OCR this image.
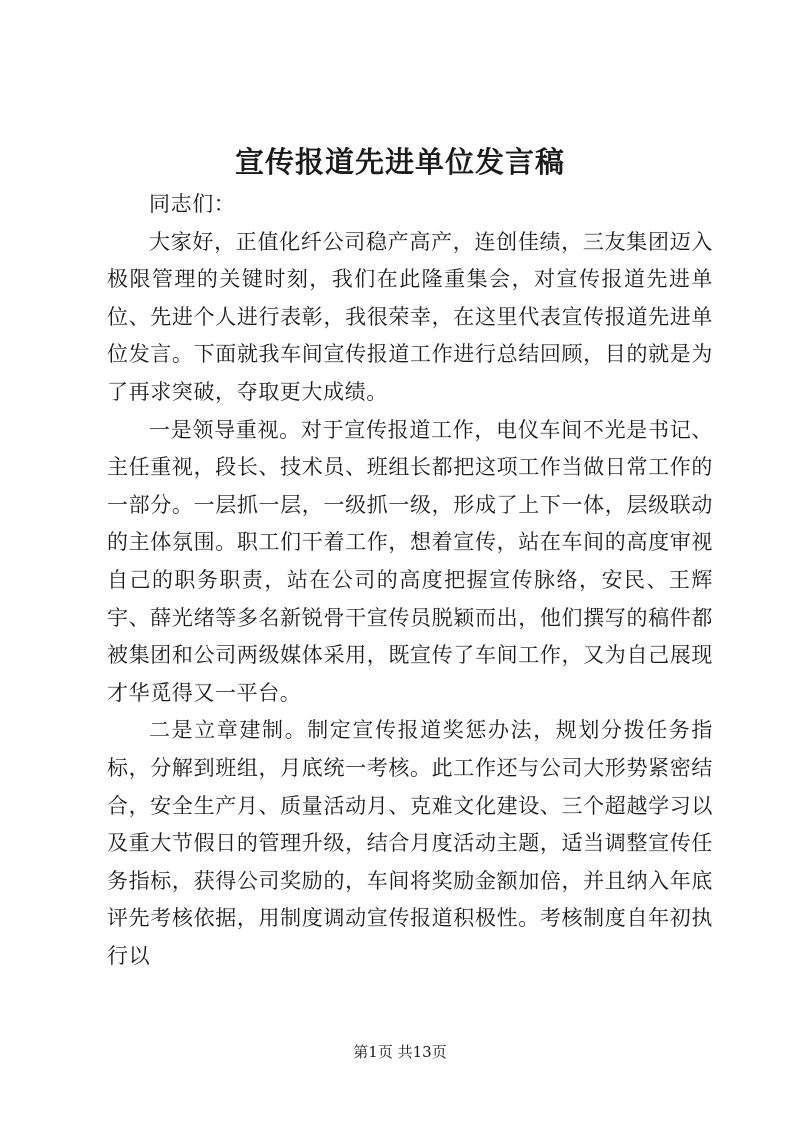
宣传报道先进单位发言稿

同志们：

大家好，正值化纤公司稳产高产，连创佳绩，三友集团迈入极限管理的关键时刻，我们在此隆重集会，对宣传报道先进单位、先进个人进行表彰，我很荣幸，在这里代表宣传报道先进单位发言。下面就我车间宣传报道工作进行总结回顾，目的就是为了再求突破，夺取更大成绩。

一是领导重视。对于宣传报道工作，电仪车间不光是书记、主任重视，段长、技术员、班组长都把这项工作当做日常工作的一部分。一层抓一层，一级抓一级，形成了上下一体，层级联动的主体氛围。职工们干着工作，想着宣传，站在车间的高度审视自己的职务职责，站在公司的高度把握宣传脉络，安民、王辉宇、薛光绪等多名新锐骨干宣传员脱颖而出，他们撰写的稿件都被集团和公司两级媒体采用，既宣传了车间工作，又为自己展现才华觅得又一平台。

二是立章建制。制定宣传报道奖惩办法，规划分拨任务指标，分解到班组，月底统一考核。此工作还与公司大形势紧密结合，安全生产月、质量活动月、克难文化建设、三个超越学习以及重大节假日的管理升级，结合月度活动主题，适当调整宣传任务指标，获得公司奖励的，车间将奖励金额加倍，并且纳入年底评先考核依据，用制度调动宣传报道积极性。考核制度自年初执行以

第1页 共13页
